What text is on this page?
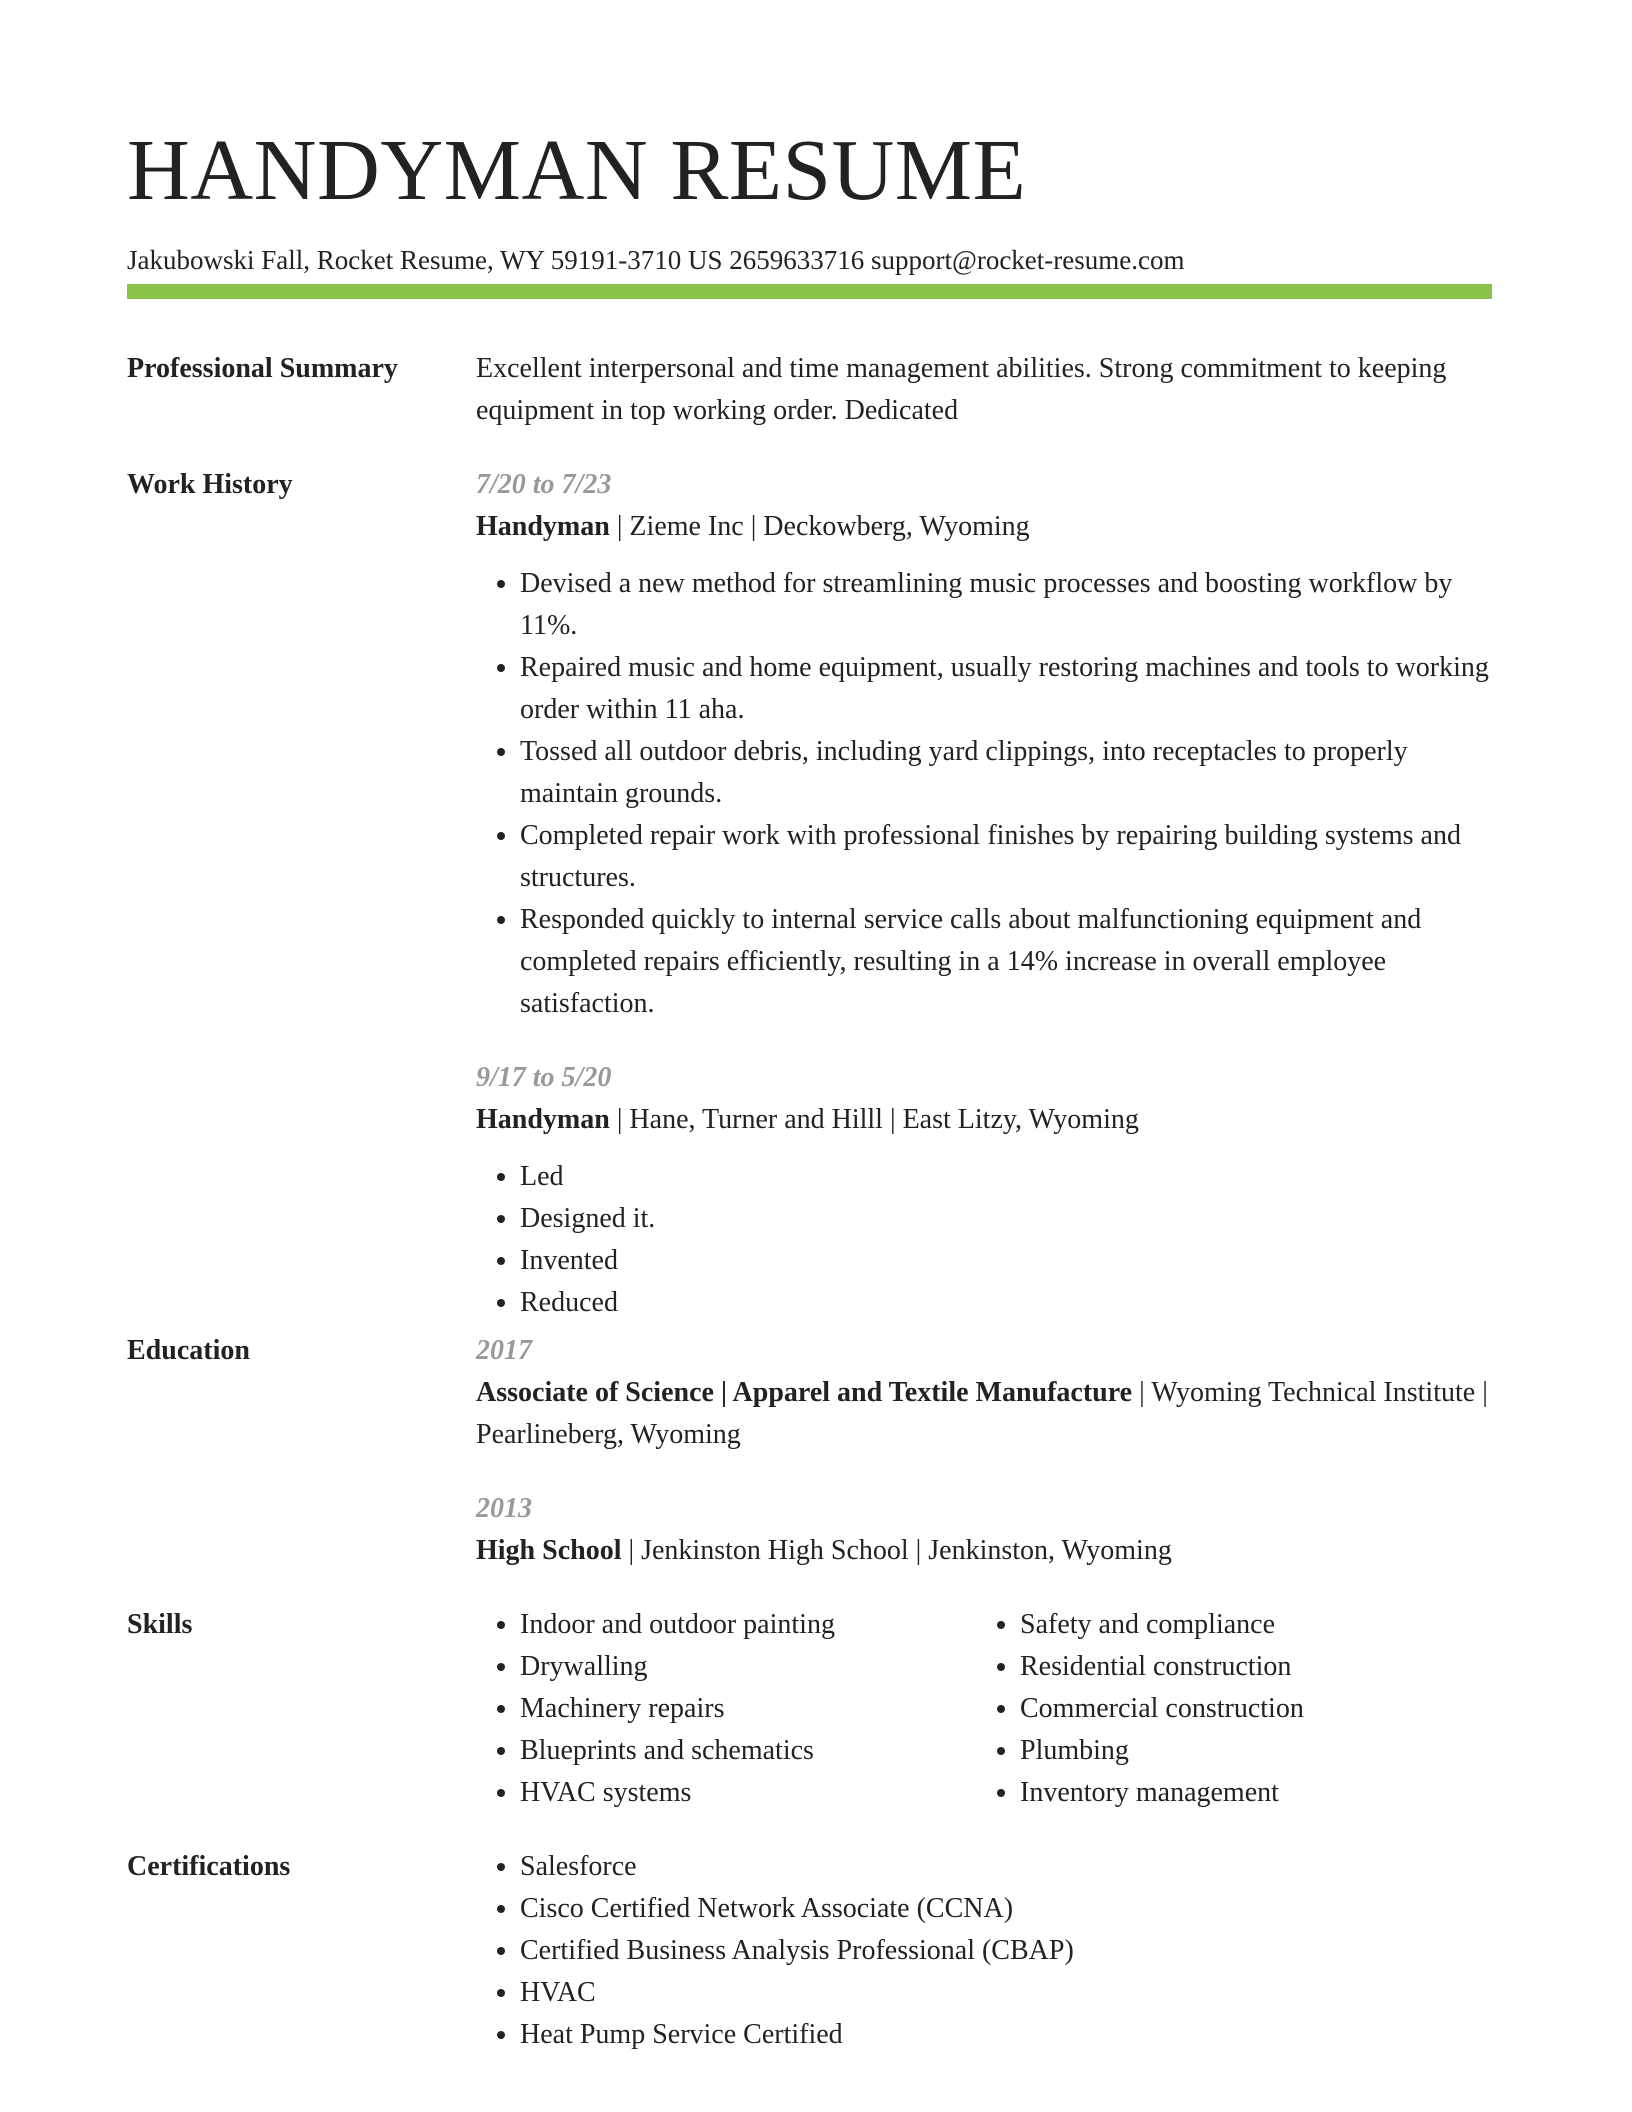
HANDYMAN RESUME
Jakubowski Fall, Rocket Resume, WY 59191-3710 US 2659633716 support@rocket-resume.com
Professional Summary	Excellent interpersonal and time management abilities. Strong commitment to keeping equipment in top working order. Dedicated
Work History	7/20 to 7/23
Handyman | Zieme Inc | Deckowberg, Wyoming
• Devised a new method for streamlining music processes and boosting workflow by 11%.
• Repaired music and home equipment, usually restoring machines and tools to working order within 11 aha.
• Tossed all outdoor debris, including yard clippings, into receptacles to properly maintain grounds.
• Completed repair work with professional finishes by repairing building systems and structures.
• Responded quickly to internal service calls about malfunctioning equipment and completed repairs efficiently, resulting in a 14% increase in overall employee satisfaction.
9/17 to 5/20
Handyman | Hane, Turner and Hilll | East Litzy, Wyoming
• Led
• Designed it.
• Invented
• Reduced
Education	2017
Associate of Science | Apparel and Textile Manufacture | Wyoming Technical Institute | Pearlineberg, Wyoming
2013
High School | Jenkinston High School | Jenkinston, Wyoming
Skills	• Indoor and outdoor painting
• Drywalling
• Machinery repairs
• Blueprints and schematics
• HVAC systems
• Safety and compliance
• Residential construction
• Commercial construction
• Plumbing
• Inventory management
Certifications	• Salesforce
• Cisco Certified Network Associate (CCNA)
• Certified Business Analysis Professional (CBAP)
• HVAC
• Heat Pump Service Certified
